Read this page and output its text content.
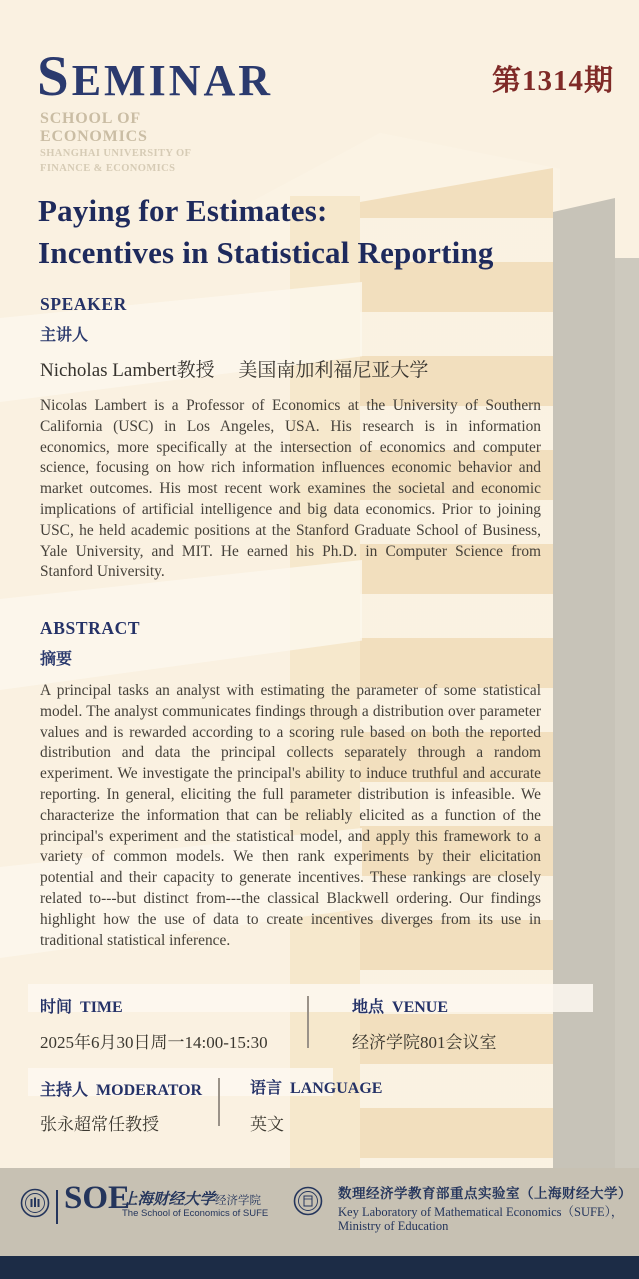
SEMINAR	第1314期
SCHOOL OF
ECONOMICS
SHANGHAI UNIVERSITY OF
FINANCE & ECONOMICS
Paying for Estimates:
Incentives in Statistical Reporting
SPEAKER
主讲人
Nicholas Lambert教授　 美国南加利福尼亚大学
Nicolas Lambert is a Professor of Economics at the University of Southern California (USC) in Los Angeles, USA. His research is in information economics, more specifically at the intersection of economics and computer science, focusing on how rich information influences economic behavior and market outcomes. His most recent work examines the societal and economic implications of artificial intelligence and big data economics. Prior to joining USC, he held academic positions at the Stanford Graduate School of Business, Yale University, and MIT. He earned his Ph.D. in Computer Science from Stanford University.
ABSTRACT
摘要
A principal tasks an analyst with estimating the parameter of some statistical model. The analyst communicates findings through a distribution over parameter values and is rewarded according to a scoring rule based on both the reported distribution and data the principal collects separately through a random experiment. We investigate the principal's ability to induce truthful and accurate reporting. In general, eliciting the full parameter distribution is infeasible. We characterize the information that can be reliably elicited as a function of the principal's experiment and the statistical model, and apply this framework to a variety of common models. We then rank experiments by their elicitation potential and their capacity to generate incentives. These rankings are closely related to---but distinct from---the classical Blackwell ordering. Our findings highlight how the use of data to create incentives diverges from its use in traditional statistical inference.
时间 TIME	地点 VENUE
2025年6月30日周一14:00-15:30	经济学院801会议室
主持人 MODERATOR	语言 LANGUAGE
张永超常任教授	英文
SOE
上海财经大学经济学院
The School of Economics of SUFE
数理经济学教育部重点实验室（上海财经大学）
Key Laboratory of Mathematical Economics（SUFE），
Ministry of Education
